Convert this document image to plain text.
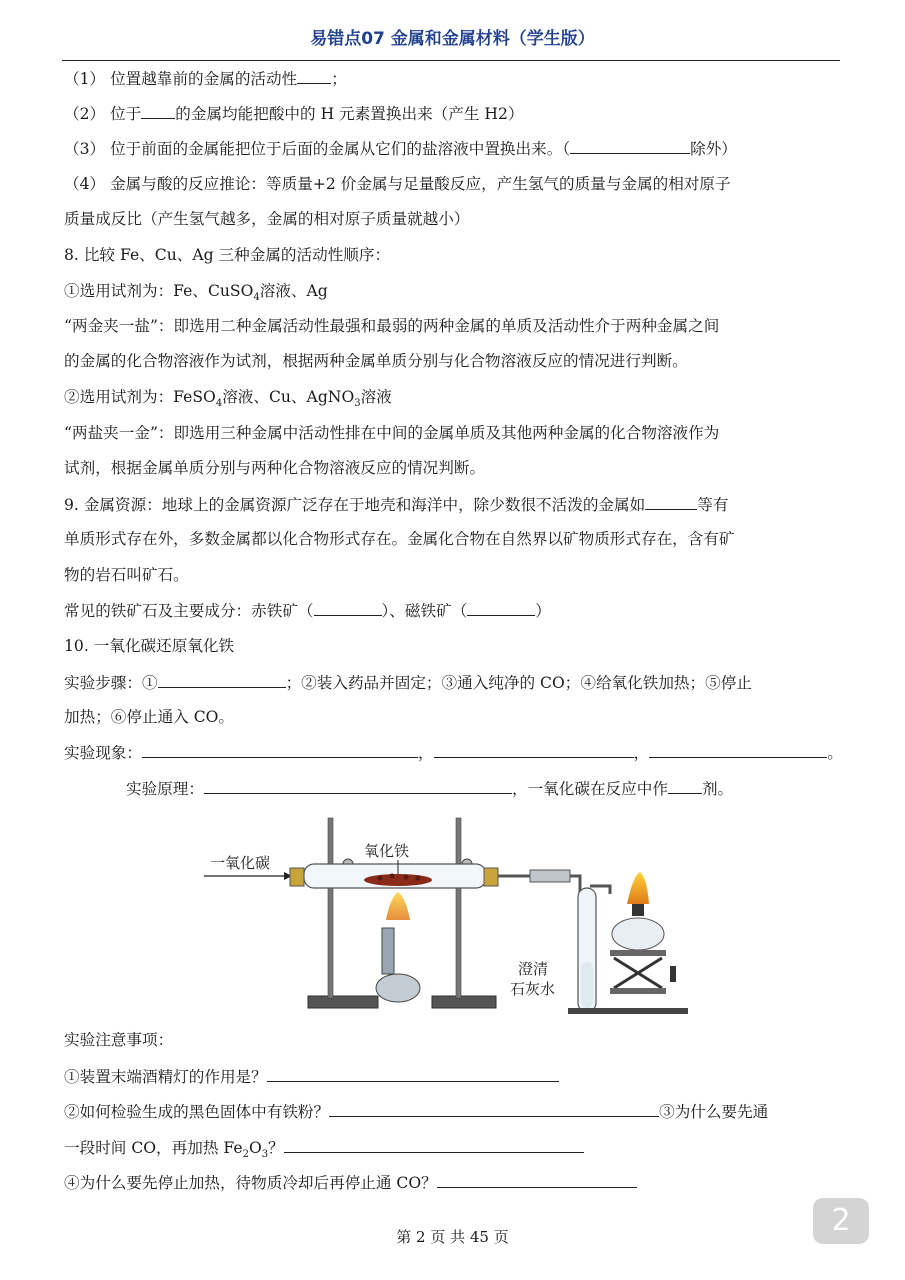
易错点07 金属和金属材料（学生版）
（1） 位置越靠前的金属的活动性 ；
（2） 位于 的金属均能把酸中的 H 元素置换出来（产生 H2）
（3） 位于前面的金属能把位于后面的金属从它们的盐溶液中置换出来。（	除外）
（4） 金属与酸的反应推论：等质量+2 价金属与足量酸反应，产生氢气的质量与金属的相对原子
质量成反比（产生氢气越多，金属的相对原子质量就越小）
8. 比较 Fe、Cu、Ag 三种金属的活动性顺序：
①选用试剂为：Fe、CuSO$_4$溶液、Ag
“两金夹一盐”：即选用二种金属活动性最强和最弱的两种金属的单质及活动性介于两种金属之间
的金属的化合物溶液作为试剂，根据两种金属单质分别与化合物溶液反应的情况进行判断。
②选用试剂为：FeSO$_4$溶液、Cu、AgNO$_3$溶液
“两盐夹一金”：即选用三种金属中活动性排在中间的金属单质及其他两种金属的化合物溶液作为
试剂，根据金属单质分别与两种化合物溶液反应的情况判断。
9. 金属资源：地球上的金属资源广泛存在于地壳和海洋中，除少数很不活泼的金属如	等有
单质形式存在外，多数金属都以化合物形式存在。金属化合物在自然界以矿物质形式存在，含有矿
物的岩石叫矿石。
常见的铁矿石及主要成分：赤铁矿（	）、磁铁矿（	）
10. 一氧化碳还原氧化铁
实验步骤：①	；②装入药品并固定；③通入纯净的 CO；④给氧化铁加热；⑤停止
加热；⑥停止通入 CO。
实验现象：	，	，	。
实验原理：	，一氧化碳在反应中作 剂。
一氧化碳
氧化铁
澄清
石灰水
实验注意事项：
①装置末端酒精灯的作用是？
②如何检验生成的黑色固体中有铁粉？	③为什么要先通
一段时间 CO，再加热 $Fe_2O_3$？
④为什么要先停止加热，待物质冷却后再停止通 CO？
第 2 页 共 45 页	2
